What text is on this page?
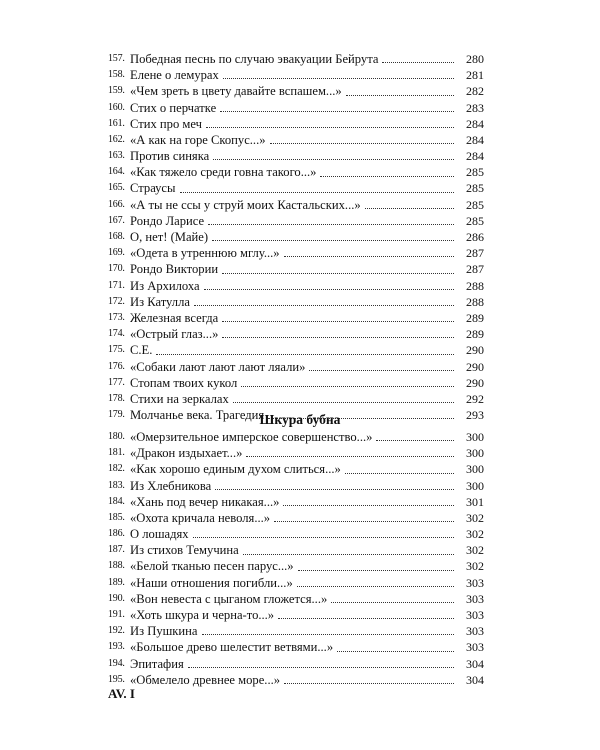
157. Победная песнь по случаю эвакуации Бейрута	280
158. Елене о лемурах	281
159. «Чем зреть в цвету давайте вспашем...»	282
160. Стих о перчатке	283
161. Стих про меч	284
162. «А как на горе Скопус...»	284
163. Против синяка	284
164. «Как тяжело среди говна такого...»	285
165. Страусы	285
166. «А ты не ссы у струй моих Кастальских...»	285
167. Рондо Ларисе	285
168. О, нет! (Майе)	286
169. «Одета в утреннюю мглу...»	287
170. Рондо Виктории	287
171. Из Архилоха	288
172. Из Катулла	288
173. Железная всегда	289
174. «Острый глаз...»	289
175. С.Е.	290
176. «Собаки лают лают лают ляали»	290
177. Стопам твоих кукол	290
178. Стихи на зеркалах	292
179. Молчанье века. Трагедия	293
Шкура бубна
180. «Омерзительное имперское совершенство...»	300
181. «Дракон издыхает...»	300
182. «Как хорошо единым духом слиться...»	300
183. Из Хлебникова	300
184. «Хань под вечер никакая...»	301
185. «Охота кричала неволя...»	302
186. О лошадях	302
187. Из стихов Темучина	302
188. «Белой тканью песен парус...»	302
189. «Наши отношения погибли...»	303
190. «Вон невеста с цыганом гложется...»	303
191. «Хоть шкура и черна-то...»	303
192. Из Пушкина	303
193. «Большое древо шелестит ветвями...»	303
194. Эпитафия	304
195. «Обмелело древнее море...»	304
AV. I
